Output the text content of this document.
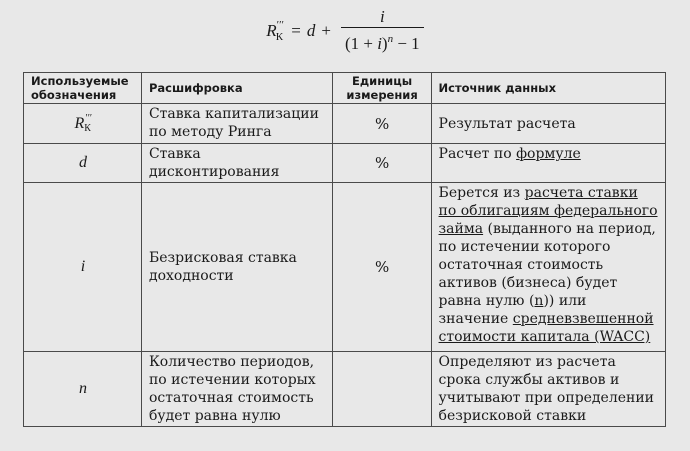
$R_К''' = d + \frac{i}{(1 + i)^n - 1}$
Используемые обозначения	Расшифровка	Единицы измерения	Источник данных
$R_К'''$	Ставка капитализации по методу Ринга	%	Результат расчета
d	Ставка дисконтирования	%	Расчет по формуле
i	Безрисковая ставка доходности	%	Берется из расчета ставки по облигациям федерального займа (выданного на период, по истечении которого остаточная стоимость активов (бизнеса) будет равна нулю (n)) или значение средневзвешенной стоимости капитала (WACC)
n	Количество периодов, по истечении которых остаточная стоимость будет равна нулю		Определяют из расчета срока службы активов и учитывают при определении безрисковой ставки
